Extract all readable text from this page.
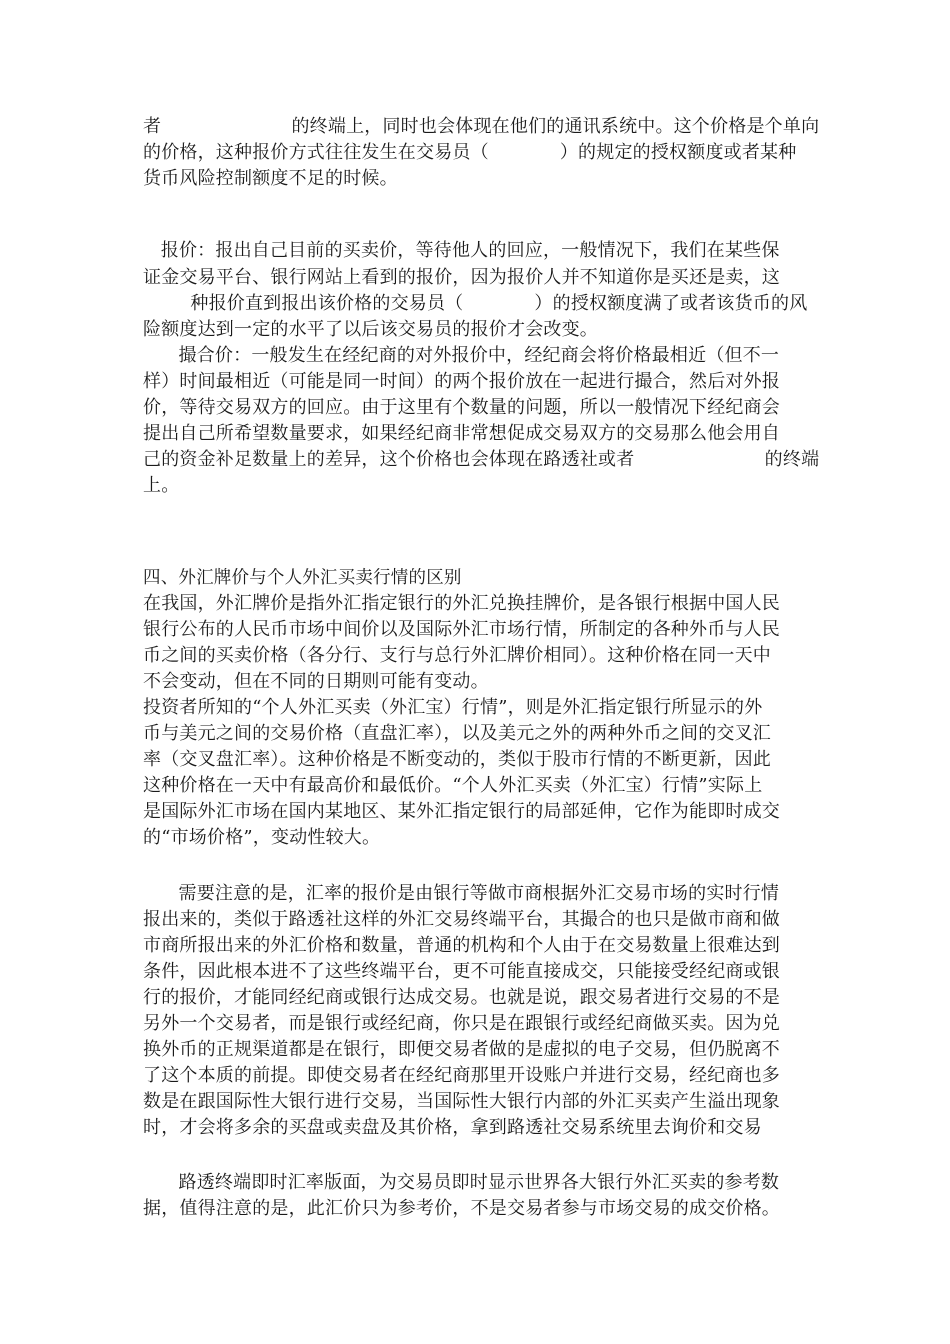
者                      的终端上，同时也会体现在他们的通讯系统中。这个价格是个单向
的价格，这种报价方式往往发生在交易员（            ）的规定的授权额度或者某种
货币风险控制额度不足的时候。
报价：报出自己目前的买卖价，等待他人的回应，一般情况下，我们在某些保
证金交易平台、银行网站上看到的报价，因为报价人并不知道你是买还是卖，这
种报价直到报出该价格的交易员（            ）的授权额度满了或者该货币的风
险额度达到一定的水平了以后该交易员的报价才会改变。
撮合价：一般发生在经纪商的对外报价中，经纪商会将价格最相近（但不一
样）时间最相近（可能是同一时间）的两个报价放在一起进行撮合，然后对外报
价，等待交易双方的回应。由于这里有个数量的问题，所以一般情况下经纪商会
提出自己所希望数量要求，如果经纪商非常想促成交易双方的交易那么他会用自
己的资金补足数量上的差异，这个价格也会体现在路透社或者                      的终端
上。
四、外汇牌价与个人外汇买卖行情的区别
在我国，外汇牌价是指外汇指定银行的外汇兑换挂牌价，是各银行根据中国人民
银行公布的人民币市场中间价以及国际外汇市场行情，所制定的各种外币与人民
币之间的买卖价格（各分行、支行与总行外汇牌价相同）。这种价格在同一天中
不会变动，但在不同的日期则可能有变动。
投资者所知的“个人外汇买卖（外汇宝）行情”，则是外汇指定银行所显示的外
币与美元之间的交易价格（直盘汇率），以及美元之外的两种外币之间的交叉汇
率（交叉盘汇率）。这种价格是不断变动的，类似于股市行情的不断更新，因此
这种价格在一天中有最高价和最低价。“个人外汇买卖（外汇宝）行情”实际上
是国际外汇市场在国内某地区、某外汇指定银行的局部延伸，它作为能即时成交
的“市场价格”，变动性较大。
需要注意的是，汇率的报价是由银行等做市商根据外汇交易市场的实时行情
报出来的，类似于路透社这样的外汇交易终端平台，其撮合的也只是做市商和做
市商所报出来的外汇价格和数量，普通的机构和个人由于在交易数量上很难达到
条件，因此根本进不了这些终端平台，更不可能直接成交，只能接受经纪商或银
行的报价，才能同经纪商或银行达成交易。也就是说，跟交易者进行交易的不是
另外一个交易者，而是银行或经纪商，你只是在跟银行或经纪商做买卖。因为兑
换外币的正规渠道都是在银行，即便交易者做的是虚拟的电子交易，但仍脱离不
了这个本质的前提。即使交易者在经纪商那里开设账户并进行交易，经纪商也多
数是在跟国际性大银行进行交易，当国际性大银行内部的外汇买卖产生溢出现象
时，才会将多余的买盘或卖盘及其价格，拿到路透社交易系统里去询价和交易
路透终端即时汇率版面，为交易员即时显示世界各大银行外汇买卖的参考数
据，值得注意的是，此汇价只为参考价，不是交易者参与市场交易的成交价格。
